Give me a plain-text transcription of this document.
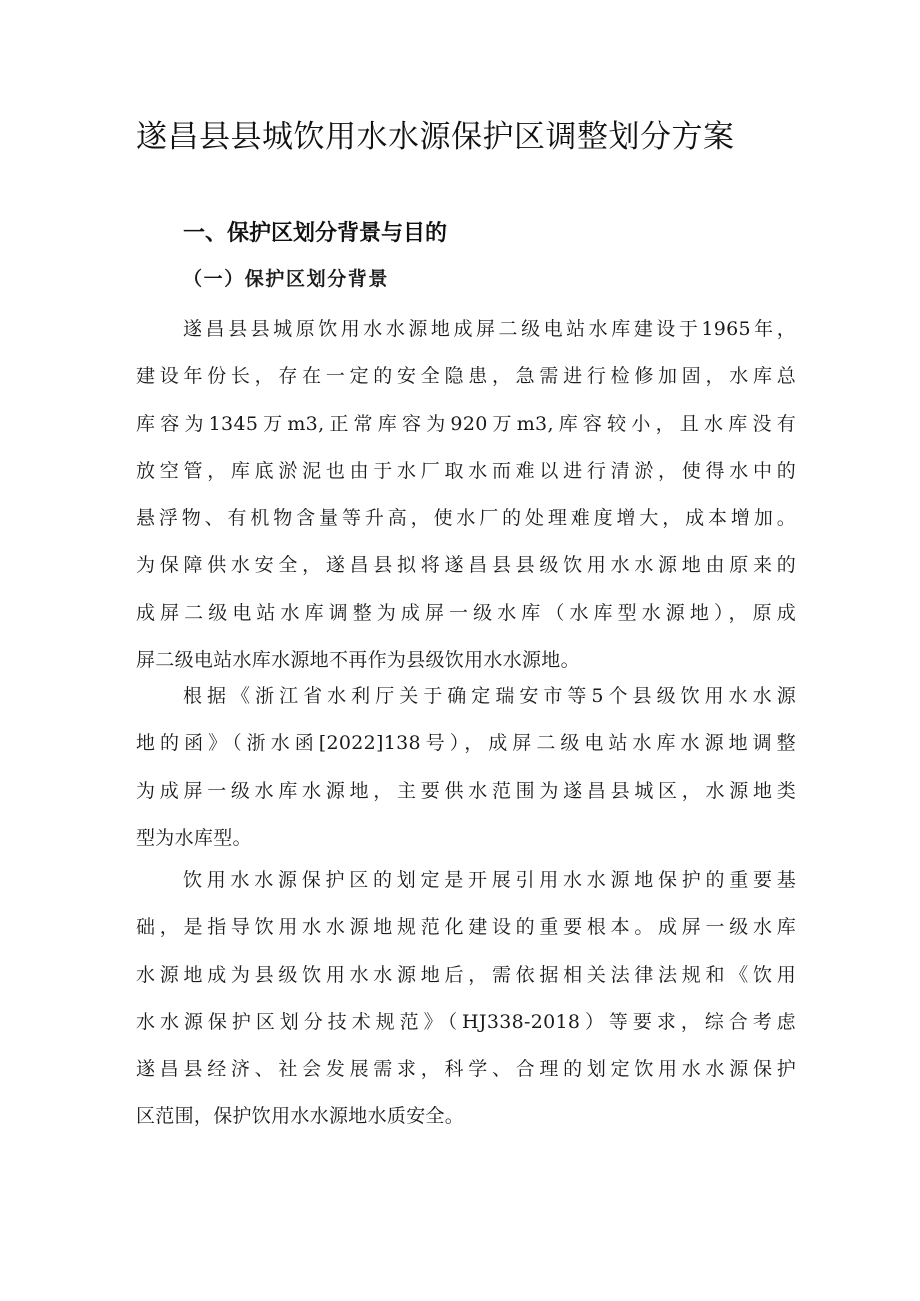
遂昌县县城饮用水水源保护区调整划分方案
一、保护区划分背景与目的
（一）保护区划分背景
遂昌县县城原饮用水水源地成屏二级电站水库建设于1965年，
建设年份长，存在一定的安全隐患，急需进行检修加固，水库总
库容为1345万m3,正常库容为920万m3,库容较小，且水库没有
放空管，库底淤泥也由于水厂取水而难以进行清淤，使得水中的
悬浮物、有机物含量等升高，使水厂的处理难度增大，成本增加。
为保障供水安全，遂昌县拟将遂昌县县级饮用水水源地由原来的
成屏二级电站水库调整为成屏一级水库（水库型水源地），原成
屏二级电站水库水源地不再作为县级饮用水水源地。
根据《浙江省水利厅关于确定瑞安市等5个县级饮用水水源
地的函》（浙水函[2022]138号），成屏二级电站水库水源地调整
为成屏一级水库水源地，主要供水范围为遂昌县城区，水源地类
型为水库型。
饮用水水源保护区的划定是开展引用水水源地保护的重要基
础，是指导饮用水水源地规范化建设的重要根本。成屏一级水库
水源地成为县级饮用水水源地后，需依据相关法律法规和《饮用
水水源保护区划分技术规范》（HJ338-2018）等要求，综合考虑
遂昌县经济、社会发展需求，科学、合理的划定饮用水水源保护
区范围，保护饮用水水源地水质安全。
